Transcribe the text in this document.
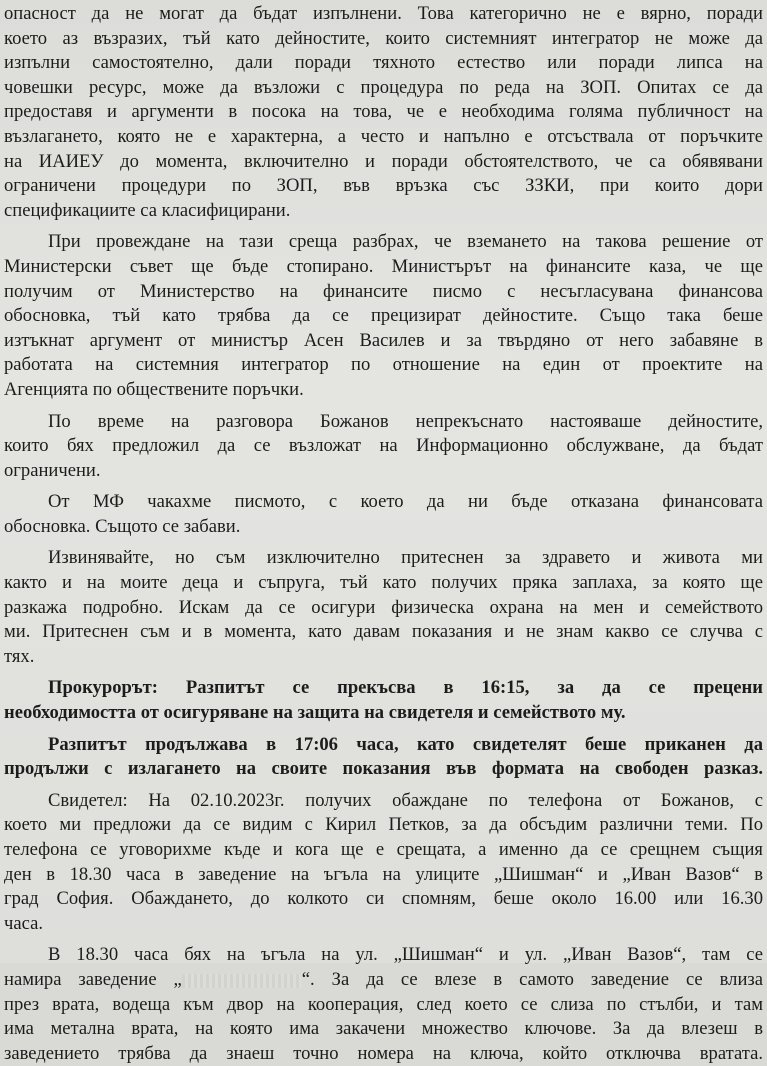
опасност да не могат да бъдат изпълнени. Това категорично не е вярно, поради
което аз възразих, тъй като дейностите, които системният интегратор не може да
изпълни самостоятелно, дали поради тяхното естество или поради липса на
човешки ресурс, може да възложи с процедура по реда на ЗОП. Опитах се да
предоставя и аргументи в посока на това, че е необходима голяма публичност на
възлагането, която не е характерна, а често и напълно е отсъствала от поръчките
на ИАИЕУ до момента, включително и поради обстоятелството, че са обявявани
ограничени процедури по ЗОП, във връзка със ЗЗКИ, при които дори
спецификациите са класифицирани.

При провеждане на тази среща разбрах, че вземането на такова решение от
Министерски съвет ще бъде стопирано. Министърът на финансите каза, че ще
получим от Министерство на финансите писмо с несъгласувана финансова
обосновка, тъй като трябва да се прецизират дейностите. Също така беше
изтъкнат аргумент от министър Асен Василев и за твърдяно от него забавяне в
работата на системния интегратор по отношение на един от проектите на
Агенцията по обществените поръчки.

По време на разговора Божанов непрекъснато настояваше дейностите,
които бях предложил да се възложат на Информационно обслужване, да бъдат
ограничени.

От МФ чакахме писмото, с което да ни бъде отказана финансовата
обосновка. Същото се забави.

Извинявайте, но съм изключително притеснен за здравето и живота ми
както и на моите деца и съпруга, тъй като получих пряка заплаха, за която ще
разкажа подробно. Искам да се осигури физическа охрана на мен и семейството
ми. Притеснен съм и в момента, като давам показания и не знам какво се случва с
тях.

Прокурорът: Разпитът се прекъсва в 16:15, за да се прецени
необходимостта от осигуряване на защита на свидетеля и семейството му.

Разпитът продължава в 17:06 часа, като свидетелят беше приканен да
продължи с излагането на своите показания във формата на свободен разказ.

Свидетел: На 02.10.2023г. получих обаждане по телефона от Божанов, с
което ми предложи да се видим с Кирил Петков, за да обсъдим различни теми. По
телефона се уговорихме къде и кога ще е срещата, а именно да се срещнем същия
ден в 18.30 часа в заведение на ъгъла на улиците „Шишман“ и „Иван Вазов“ в
град София. Обаждането, до колкото си спомням, беше около 16.00 или 16.30
часа.

В 18.30 часа бях на ъгъла на ул. „Шишман“ и ул. „Иван Вазов“, там се
намира заведение „	“. За да се влезе в самото заведение се влиза
през врата, водеща към двор на кооперация, след което се слиза по стълби, и там
има метална врата, на която има закачени множество ключове. За да влезеш в
заведението трябва да знаеш точно номера на ключа, който отключва вратата.
